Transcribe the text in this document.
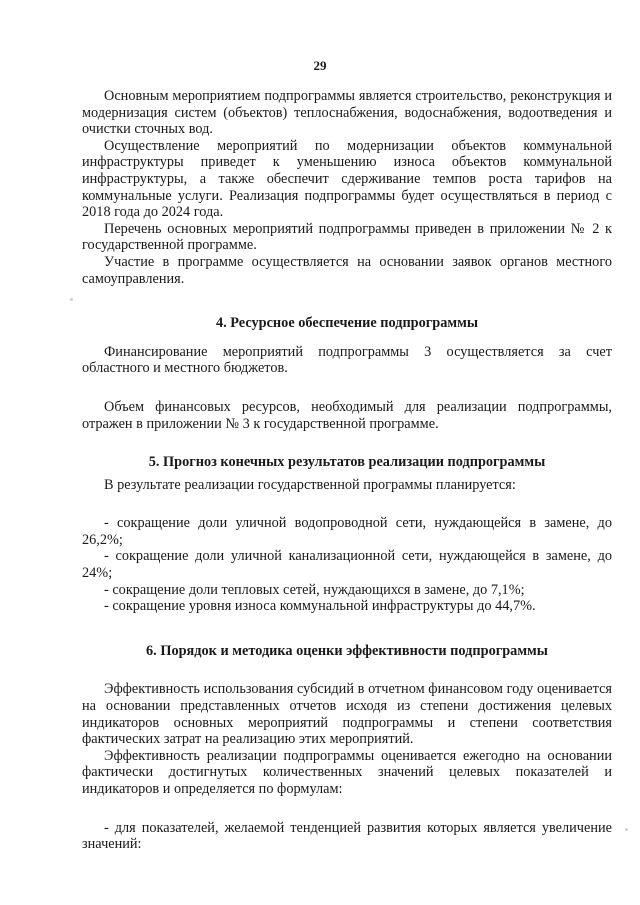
29

Основным мероприятием подпрограммы является строительство, реконструкция и модернизация систем (объектов) теплоснабжения, водоснабжения, водоотведения и очистки сточных вод.

Осуществление мероприятий по модернизации объектов коммунальной инфраструктуры приведет к уменьшению износа объектов коммунальной инфраструктуры, а также обеспечит сдерживание темпов роста тарифов на коммунальные услуги. Реализация подпрограммы будет осуществляться в период с 2018 года до 2024 года.

Перечень основных мероприятий подпрограммы приведен в приложении № 2 к государственной программе.

Участие в программе осуществляется на основании заявок органов местного самоуправления.

4. Ресурсное обеспечение подпрограммы

Финансирование мероприятий подпрограммы 3 осуществляется за счет областного и местного бюджетов.

Объем финансовых ресурсов, необходимый для реализации подпрограммы, отражен в приложении № 3 к государственной программе.

5. Прогноз конечных результатов реализации подпрограммы

В результате реализации государственной программы планируется:

- сокращение доли уличной водопроводной сети, нуждающейся в замене, до 26,2%;

- сокращение доли уличной канализационной сети, нуждающейся в замене, до 24%;

- сокращение доли тепловых сетей, нуждающихся в замене, до 7,1%;

- сокращение уровня износа коммунальной инфраструктуры до 44,7%.

6. Порядок и методика оценки эффективности подпрограммы

Эффективность использования субсидий в отчетном финансовом году оценивается на основании представленных отчетов исходя из степени достижения целевых индикаторов основных мероприятий подпрограммы и степени соответствия фактических затрат на реализацию этих мероприятий.

Эффективность реализации подпрограммы оценивается ежегодно на основании фактически достигнутых количественных значений целевых показателей и индикаторов и определяется по формулам:

- для показателей, желаемой тенденцией развития которых является увеличение значений:
